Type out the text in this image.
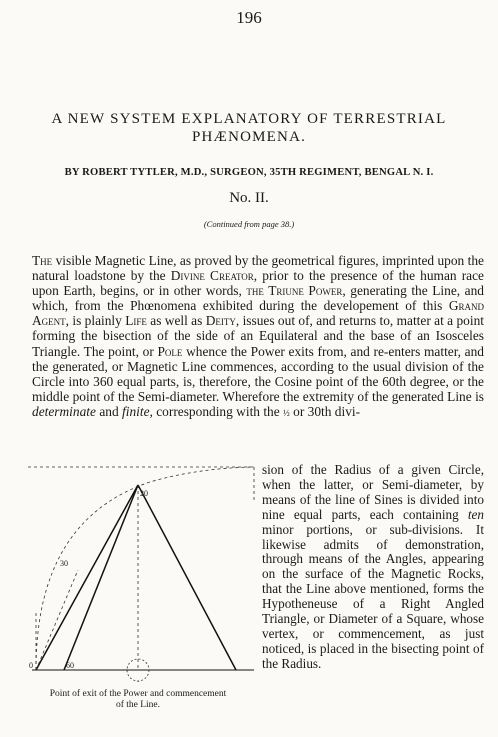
196
A NEW SYSTEM EXPLANATORY OF TERRESTRIAL
PHÆNOMENA.
BY ROBERT TYTLER, M.D., SURGEON, 35TH REGIMENT, BENGAL N. I.
No. II.
(Continued from page 38.)
The visible Magnetic Line, as proved by the geometrical figures, imprinted upon the natural loadstone by the Divine Creator, prior to the presence of the human race upon Earth, begins, or in other words, the Triune Power, generating the Line, and which, from the Phœnomena exhibited during the developement of this Grand Agent, is plainly Life as well as Deity, issues out of, and returns to, matter at a point forming the bisection of the side of an Equilateral and the base of an Isosceles Triangle. The point, or Pole whence the Power exits from, and re-enters matter, and the generated, or Magnetic Line commences, according to the usual division of the Circle into 360 equal parts, is, therefore, the Cosine point of the 60th degree, or the middle point of the Semi-diameter. Wherefore the extremity of the generated Line is determinate and finite, corresponding with the ½ or 30th divi-
sion of the Radius of a given Circle, when the latter, or Semi-diameter, by means of the line of Sines is divided into nine equal parts, each containing ten minor portions, or sub-divisions. It likewise admits of demonstration, through means of the Angles, appearing on the surface of the Magnetic Rocks, that the Line above mentioned, forms the Hypotheneuse of a Right Angled Triangle, or Diameter of a Square, whose vertex, or commencement, as just noticed, is placed in the bisecting point of the Radius.
20
30
60
0
Point of exit of the Power and commencement
of the Line.
